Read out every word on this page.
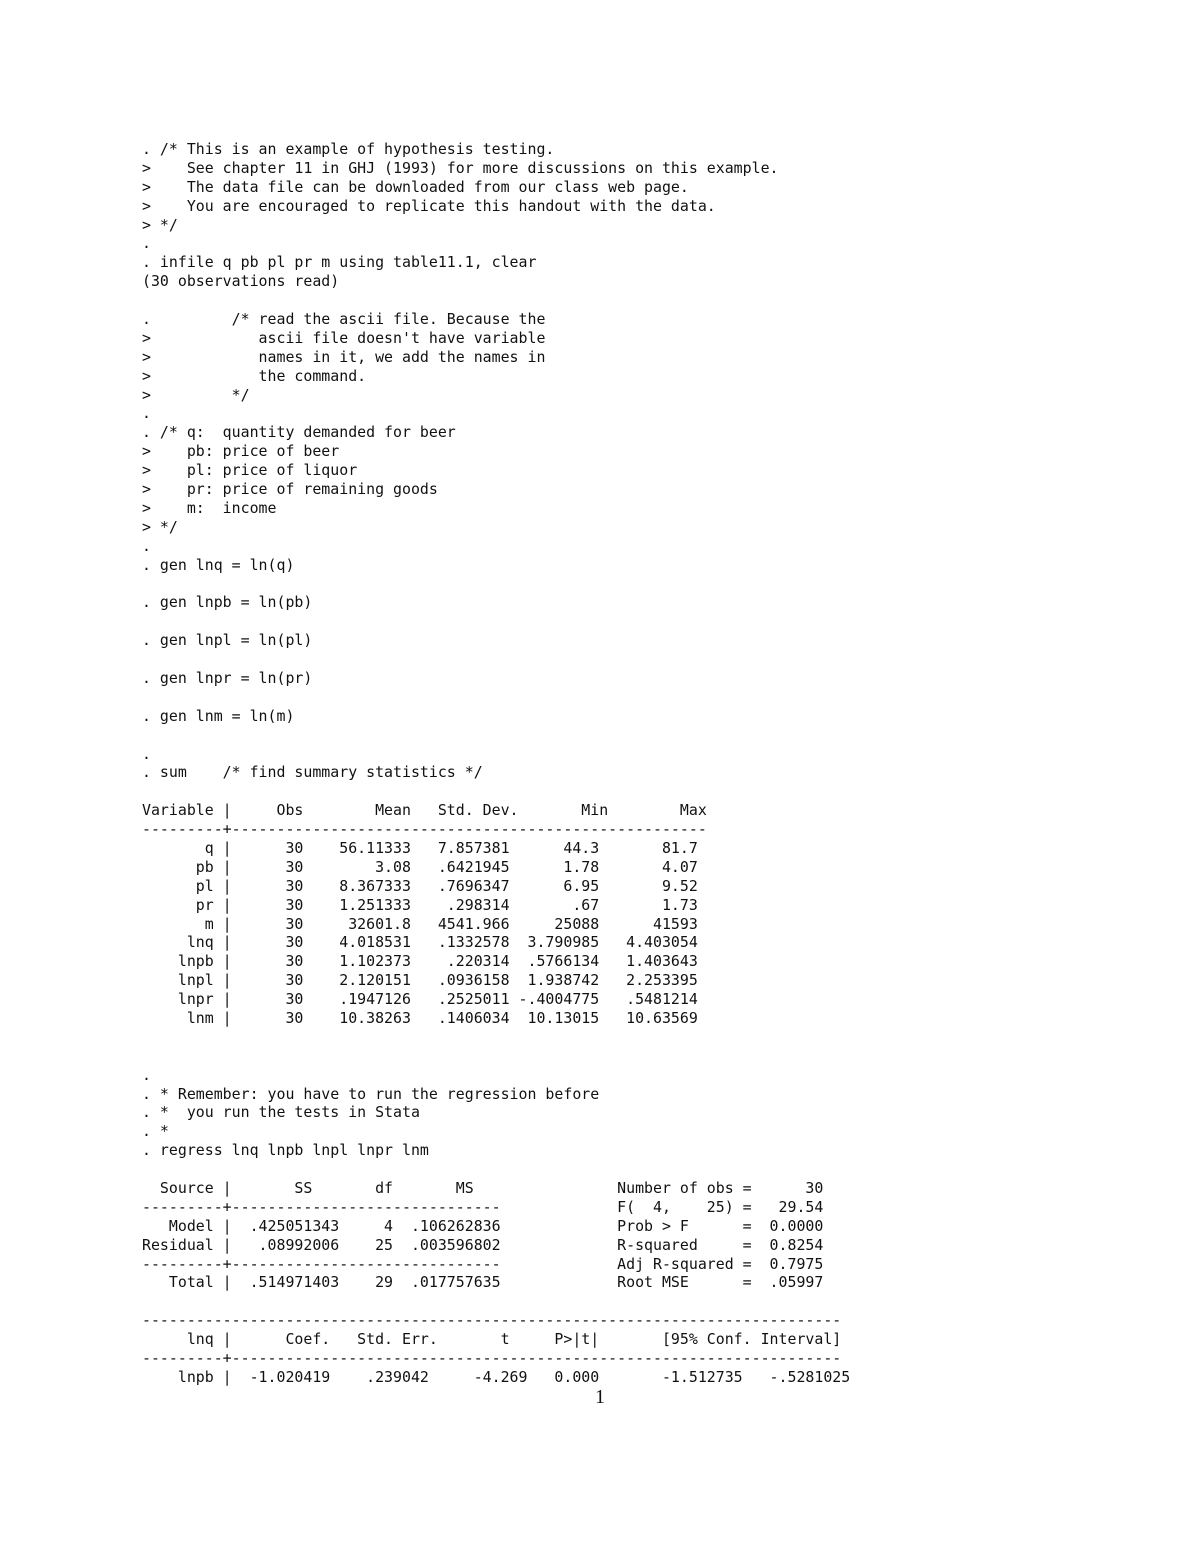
. /* This is an example of hypothesis testing.
>    See chapter 11 in GHJ (1993) for more discussions on this example.
>    The data file can be downloaded from our class web page.
>    You are encouraged to replicate this handout with the data.
> */
.
. infile q pb pl pr m using table11.1, clear
(30 observations read)
.         /* read the ascii file. Because the
>            ascii file doesn't have variable
>            names in it, we add the names in
>            the command.
>         */
.
. /* q:  quantity demanded for beer
>    pb: price of beer
>    pl: price of liquor
>    pr: price of remaining goods
>    m:  income
> */
.
. gen lnq = ln(q)
. gen lnpb = ln(pb)
. gen lnpl = ln(pl)
. gen lnpr = ln(pr)
. gen lnm = ln(m)
.
. sum    /* find summary statistics */
Variable |     Obs        Mean   Std. Dev.       Min        Max
---------+-----------------------------------------------------
q |      30    56.11333   7.857381      44.3       81.7
pb |      30        3.08   .6421945      1.78       4.07
pl |      30    8.367333   .7696347      6.95       9.52
pr |      30    1.251333    .298314       .67       1.73
m |      30     32601.8   4541.966     25088      41593
lnq |      30    4.018531   .1332578  3.790985   4.403054
lnpb |      30    1.102373    .220314  .5766134   1.403643
lnpl |      30    2.120151   .0936158  1.938742   2.253395
lnpr |      30    .1947126   .2525011 -.4004775   .5481214
lnm |      30    10.38263   .1406034  10.13015   10.63569
.
. * Remember: you have to run the regression before
. *  you run the tests in Stata
. *
. regress lnq lnpb lnpl lnpr lnm
Source |       SS       df       MS                Number of obs =      30
---------+------------------------------             F(  4,    25) =   29.54
Model |  .425051343     4  .106262836             Prob > F      =  0.0000
Residual |   .08992006    25  .003596802             R-squared     =  0.8254
---------+------------------------------             Adj R-squared =  0.7975
Total |  .514971403    29  .017757635             Root MSE      =  .05997
------------------------------------------------------------------------------
lnq |      Coef.   Std. Err.       t     P>|t|       [95% Conf. Interval]
---------+--------------------------------------------------------------------
lnpb |  -1.020419    .239042     -4.269   0.000       -1.512735   -.5281025
1
